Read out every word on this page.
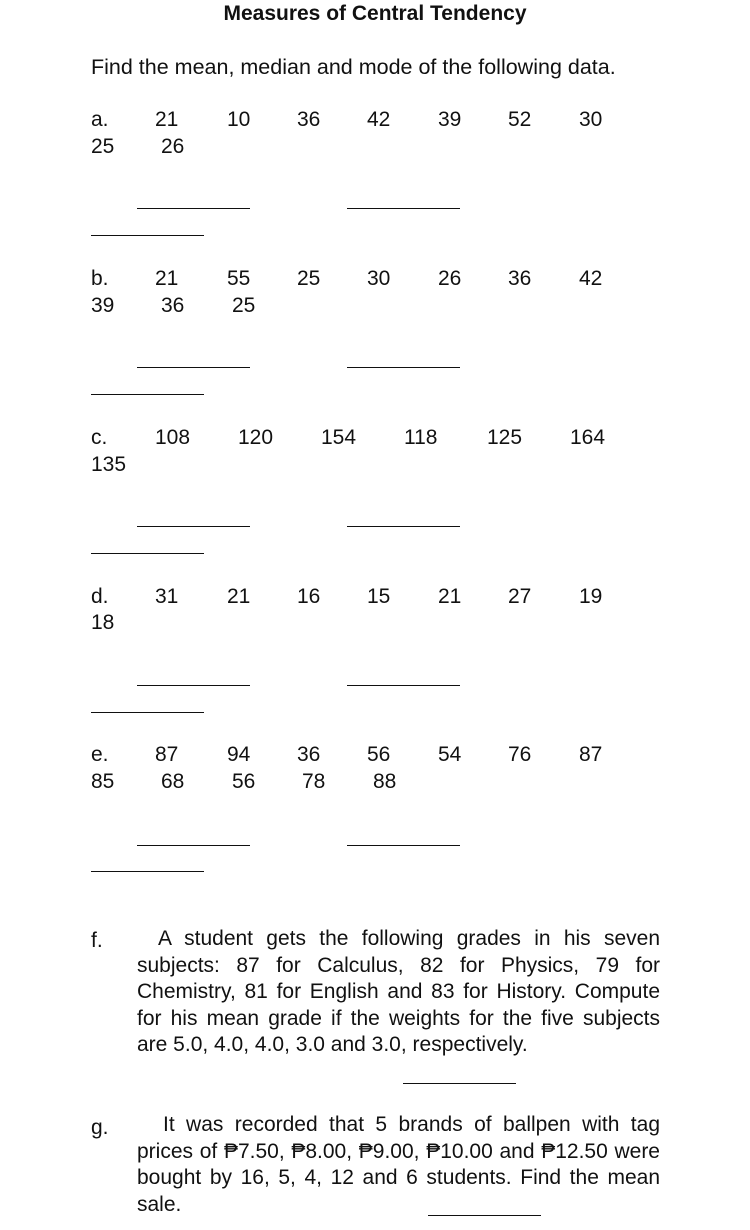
Measures of Central Tendency
Find the mean, median and mode of the following data.
a. 21 10 36 42 39 52 30
25 26
b. 21 55 25 30 26 36 42
39 36 25
c. 108 120 154 118 125 164
135
d. 31 21 16 15 21 27 19
18
e. 87 94 36 56 54 76 87
85 68 56 78 88
f.	A student gets the following grades in his seven subjects: 87 for Calculus, 82 for Physics, 79 for Chemistry, 81 for English and 83 for History. Compute for his mean grade if the weights for the five subjects are 5.0, 4.0, 4.0, 3.0 and 3.0, respectively.
g.	It was recorded that 5 brands of ballpen with tag prices of ₱7.50, ₱8.00, ₱9.00, ₱10.00 and ₱12.50 were bought by 16, 5, 4, 12 and 6 students. Find the mean sale.
